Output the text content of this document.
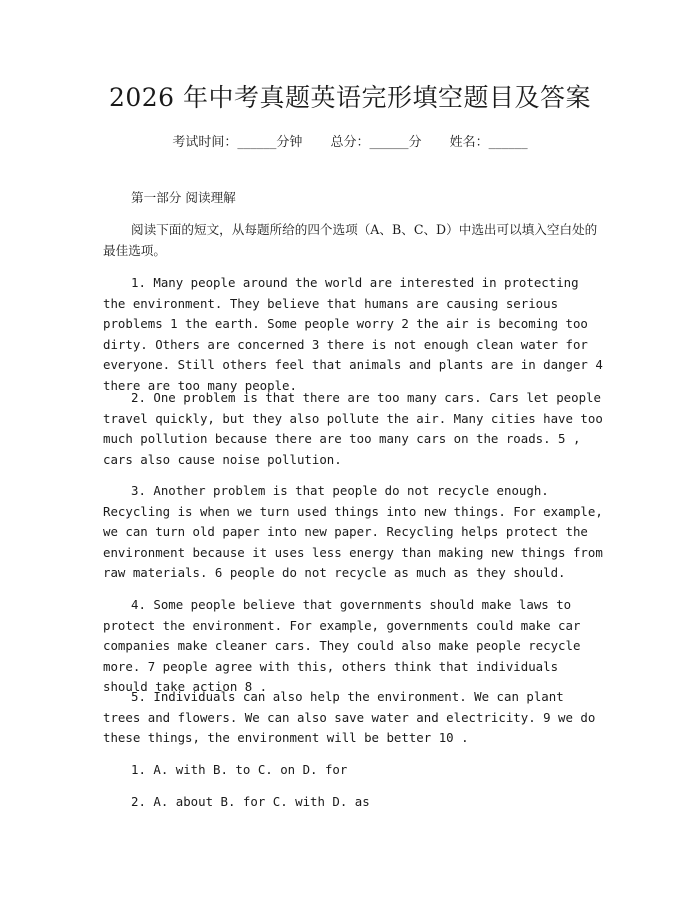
2026 年中考真题英语完形填空题目及答案
考试时间：______分钟 总分：______分 姓名：______
第一部分 阅读理解
阅读下面的短文，从每题所给的四个选项（A、B、C、D）中选出可以填入空白处的最佳选项。
1. Many people around the world are interested in protecting the environment. They believe that humans are causing serious problems 1 the earth. Some people worry 2 the air is becoming too dirty. Others are concerned 3 there is not enough clean water for everyone. Still others feel that animals and plants are in danger 4 there are too many people.
2. One problem is that there are too many cars. Cars let people travel quickly, but they also pollute the air. Many cities have too much pollution because there are too many cars on the roads. 5 , cars also cause noise pollution.
3. Another problem is that people do not recycle enough. Recycling is when we turn used things into new things. For example, we can turn old paper into new paper. Recycling helps protect the environment because it uses less energy than making new things from raw materials. 6 people do not recycle as much as they should.
4. Some people believe that governments should make laws to protect the environment. For example, governments could make car companies make cleaner cars. They could also make people recycle more. 7 people agree with this, others think that individuals should take action 8 .
5. Individuals can also help the environment. We can plant trees and flowers. We can also save water and electricity. 9 we do these things, the environment will be better 10 .
1. A. with B. to C. on D. for
2. A. about B. for C. with D. as
